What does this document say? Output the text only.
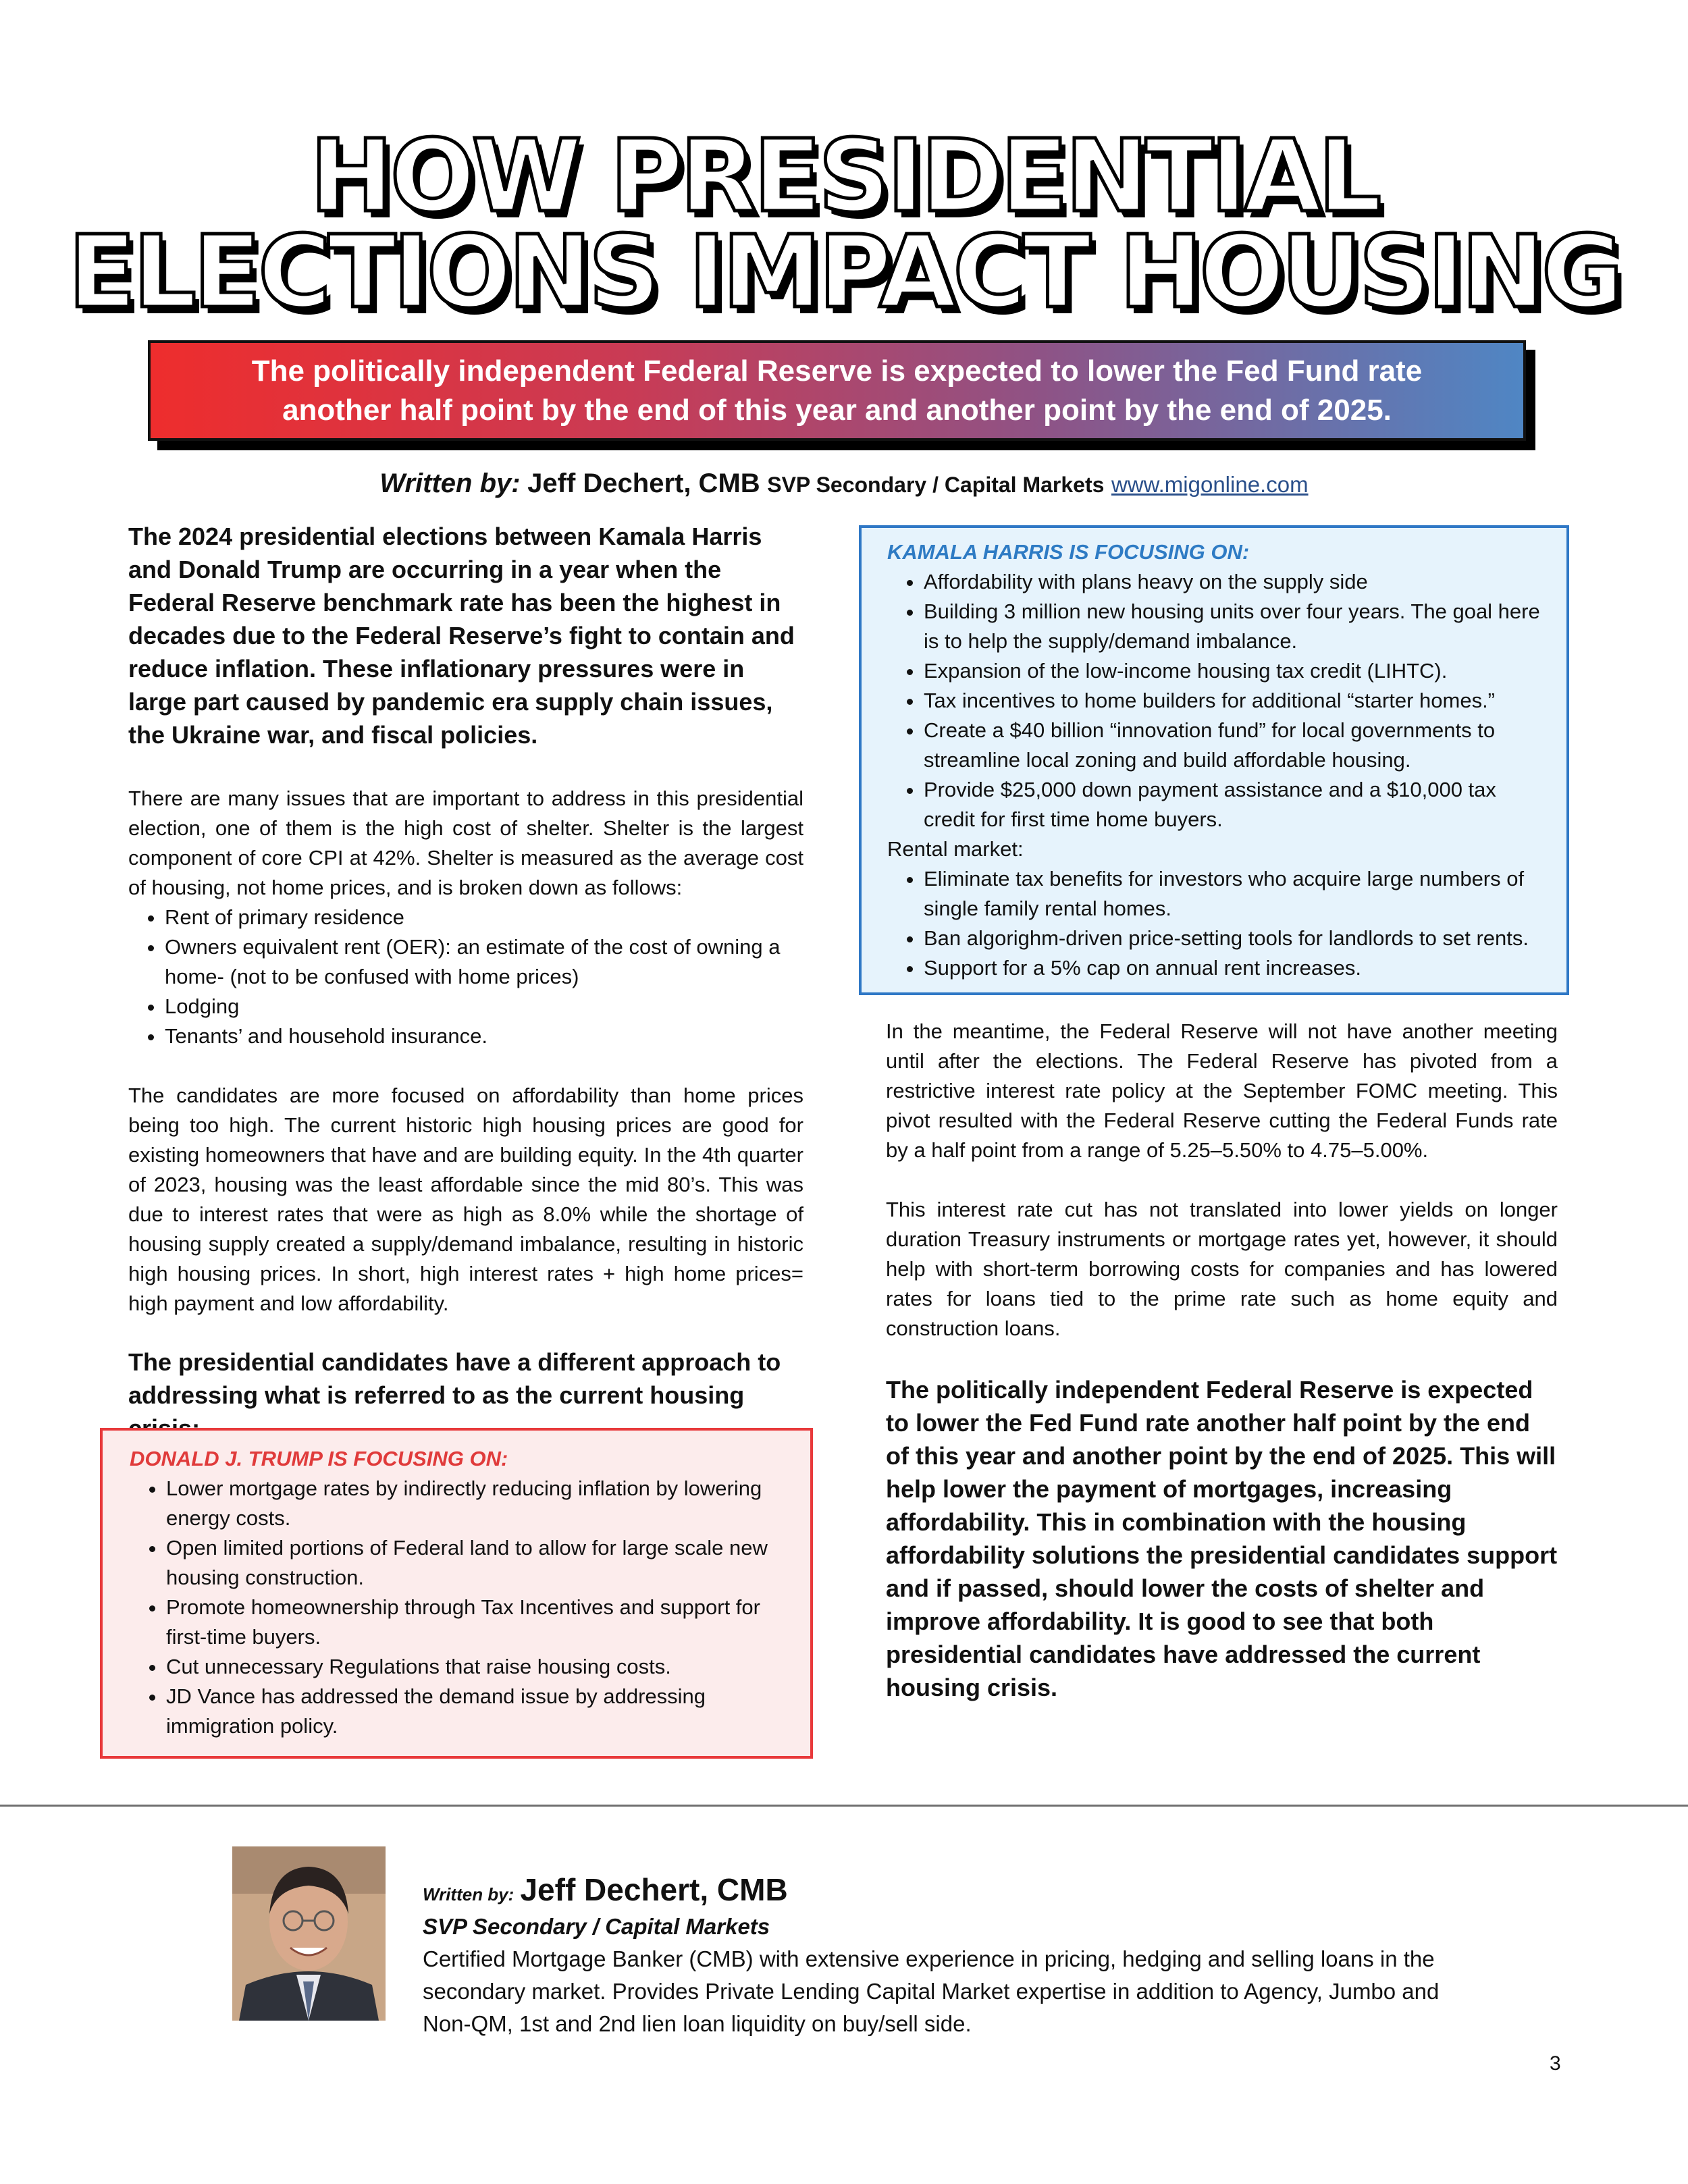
HOW PRESIDENTIAL
ELECTIONS IMPACT HOUSING
The politically independent Federal Reserve is expected to lower the Fed Fund rate
another half point by the end of this year and another point by the end of 2025.
Written by: Jeff Dechert, CMB SVP Secondary / Capital Markets www.migonline.com

The 2024 presidential elections between Kamala Harris and Donald Trump are occurring in a year when the Federal Reserve benchmark rate has been the highest in decades due to the Federal Reserve’s fight to contain and reduce inflation. These inflationary pressures were in large part caused by pandemic era supply chain issues, the Ukraine war, and fiscal policies.

There are many issues that are important to address in this presidential election, one of them is the high cost of shelter. Shelter is the largest component of core CPI at 42%. Shelter is measured as the average cost of housing, not home prices, and is broken down as follows:

• Rent of primary residence
• Owners equivalent rent (OER): an estimate of the cost of owning a home- (not to be confused with home prices)
• Lodging
• Tenants’ and household insurance.

The candidates are more focused on affordability than home prices being too high. The current historic high housing prices are good for existing homeowners that have and are building equity. In the 4th quarter of 2023, housing was the least affordable since the mid 80’s. This was due to interest rates that were as high as 8.0% while the shortage of housing supply created a supply/demand imbalance, resulting in historic high housing prices. In short, high interest rates + high home prices= high payment and low affordability.

The presidential candidates have a different approach to addressing what is referred to as the current housing

DONALD J. TRUMP IS FOCUSING ON:
• Lower mortgage rates by indirectly reducing inflation by lowering energy costs.
• Open limited portions of Federal land to allow for large scale new housing construction.
• Promote homeownership through Tax Incentives and support for first-time buyers.
• Cut unnecessary Regulations that raise housing costs.
• JD Vance has addressed the demand issue by addressing immigration policy.
KAMALA HARRIS IS FOCUSING ON:
• Affordability with plans heavy on the supply side
• Building 3 million new housing units over four years. The goal here is to help the supply/demand imbalance.
• Expansion of the low-income housing tax credit (LIHTC).
• Tax incentives to home builders for additional “starter homes.”
• Create a $40 billion “innovation fund” for local governments to streamline local zoning and build affordable housing.
• Provide $25,000 down payment assistance and a $10,000 tax credit for first time home buyers.
Rental market:
• Eliminate tax benefits for investors who acquire large numbers of single family rental homes.
• Ban algorighm-driven price-setting tools for landlords to set rents.
• Support for a 5% cap on annual rent increases.

In the meantime, the Federal Reserve will not have another meeting until after the elections. The Federal Reserve has pivoted from a restrictive interest rate policy at the September FOMC meeting. This pivot resulted with the Federal Reserve cutting the Federal Funds rate by a half point from a range of 5.25–5.50% to 4.75–5.00%.

This interest rate cut has not translated into lower yields on longer duration Treasury instruments or mortgage rates yet, however, it should help with short-term borrowing costs for companies and has lowered rates for loans tied to the prime rate such as home equity and construction loans.

The politically independent Federal Reserve is expected to lower the Fed Fund rate another half point by the end of this year and another point by the end of 2025. This will help lower the payment of mortgages, increasing affordability. This in combination with the housing affordability solutions the presidential candidates support and if passed, should lower the costs of shelter and improve affordability. It is good to see that both presidential candidates have addressed the current housing crisis.

Written by: Jeff Dechert, CMB
SVP Secondary / Capital Markets

Certified Mortgage Banker (CMB) with extensive experience in pricing, hedging and selling loans in the secondary market. Provides Private Lending Capital Market expertise in addition to Agency, Jumbo and Non-QM, 1st and 2nd lien loan liquidity on buy/sell side.

3
